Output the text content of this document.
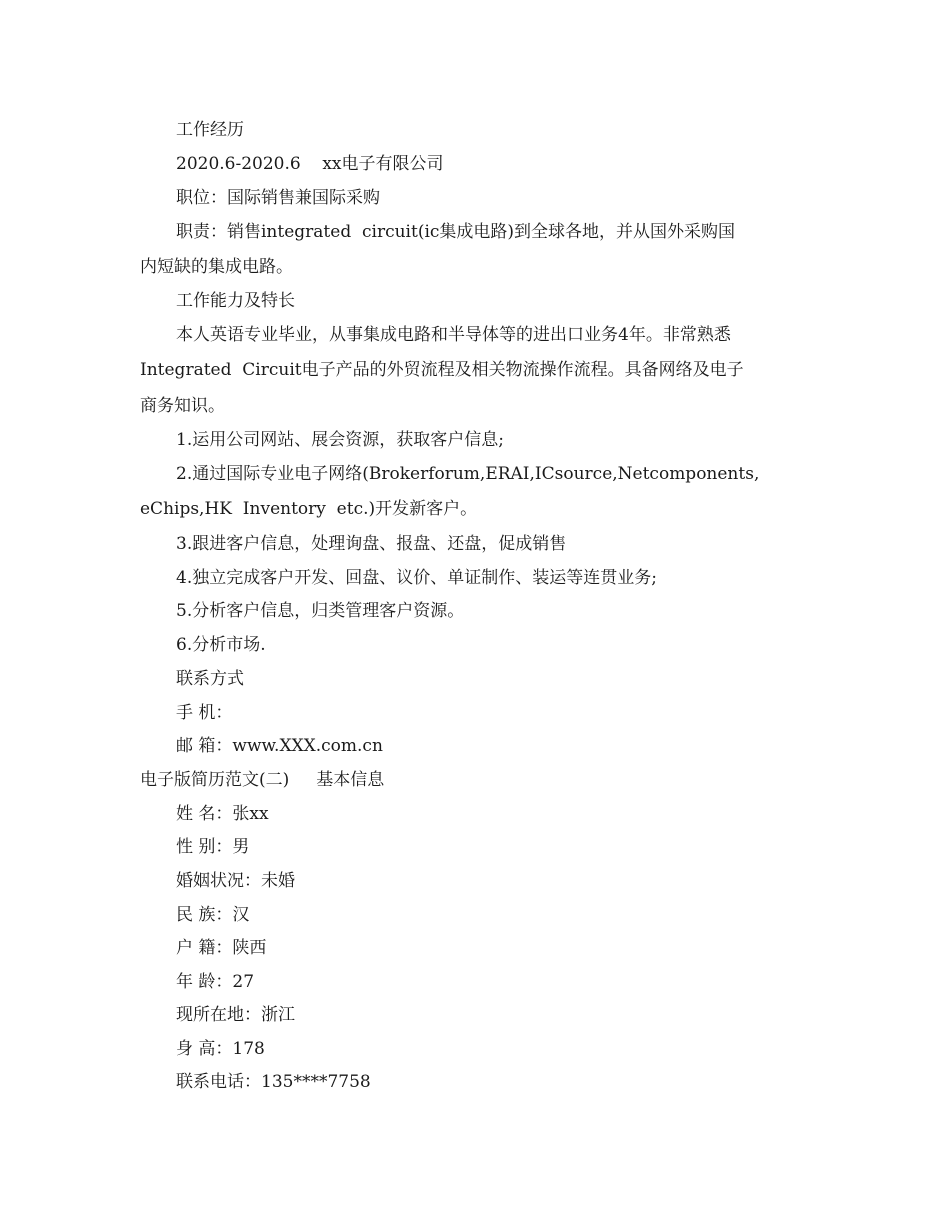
工作经历
2020.6-2020.6    xx电子有限公司
职位：国际销售兼国际采购
职责：销售integrated  circuit(ic集成电路)到全球各地，并从国外采购国
内短缺的集成电路。
工作能力及特长
本人英语专业毕业，从事集成电路和半导体等的进出口业务4年。非常熟悉
Integrated  Circuit电子产品的外贸流程及相关物流操作流程。具备网络及电子
商务知识。
1.运用公司网站、展会资源，获取客户信息;
2.通过国际专业电子网络(Brokerforum,ERAI,ICsource,Netcomponents,
eChips,HK  Inventory  etc.)开发新客户。
3.跟进客户信息，处理询盘、报盘、还盘，促成销售
4.独立完成客户开发、回盘、议价、单证制作、装运等连贯业务;
5.分析客户信息，归类管理客户资源。
6.分析市场.
联系方式
手 机：
邮 箱：www.XXX.com.cn
电子版简历范文(二)     基本信息
姓 名：张xx
性 别：男
婚姻状况：未婚
民 族：汉
户 籍：陕西
年 龄：27
现所在地：浙江
身 高：178
联系电话：135****7758
